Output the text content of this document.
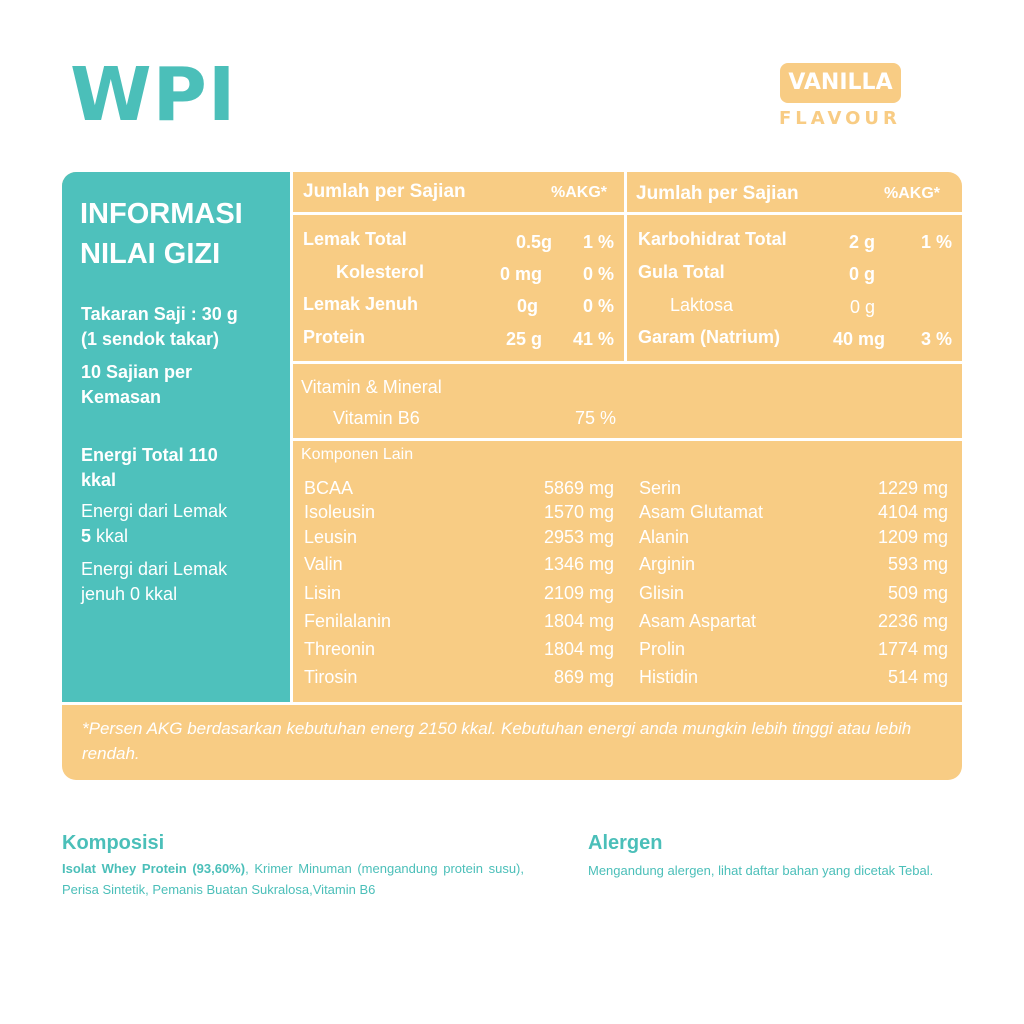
WPI	VANILLA
FLAVOUR
INFORMASI
NILAI GIZI
Takaran Saji : 30 g
(1 sendok takar)
10 Sajian per
Kemasan
Energi Total 110
kkal
Energi dari Lemak
5 kkal
Energi dari Lemak
jenuh 0 kkal
Jumlah per Sajian	%AKG* Jumlah per Sajian	%AKG*
Lemak Total	0.5g	1 %
Kolesterol	0 mg	0 %
Lemak Jenuh	0g	0 %
Protein	25 g	41 %
Karbohidrat Total	2 g	1 %
Gula Total	0 g
Laktosa	0 g
Garam (Natrium)	40 mg	3 %
Vitamin & Mineral
Vitamin B6	75 %
Komponen Lain
BCAA	5869 mg
Isoleusin	1570 mg
Leusin	2953 mg
Valin	1346 mg
Lisin	2109 mg
Fenilalanin	1804 mg
Threonin	1804 mg
Tirosin	869 mg
Serin	1229 mg
Asam Glutamat	4104 mg
Alanin	1209 mg
Arginin	593 mg
Glisin	509 mg
Asam Aspartat	2236 mg
Prolin	1774 mg
Histidin	514 mg
*Persen AKG berdasarkan kebutuhan energ 2150 kkal. Kebutuhan energi anda mungkin lebih tinggi atau lebih rendah.
Komposisi
Isolat Whey Protein (93,60%), Krimer Minuman (mengandung protein susu), Perisa Sintetik, Pemanis Buatan Sukralosa,Vitamin B6
Alergen
Mengandung alergen, lihat daftar bahan yang dicetak Tebal.
